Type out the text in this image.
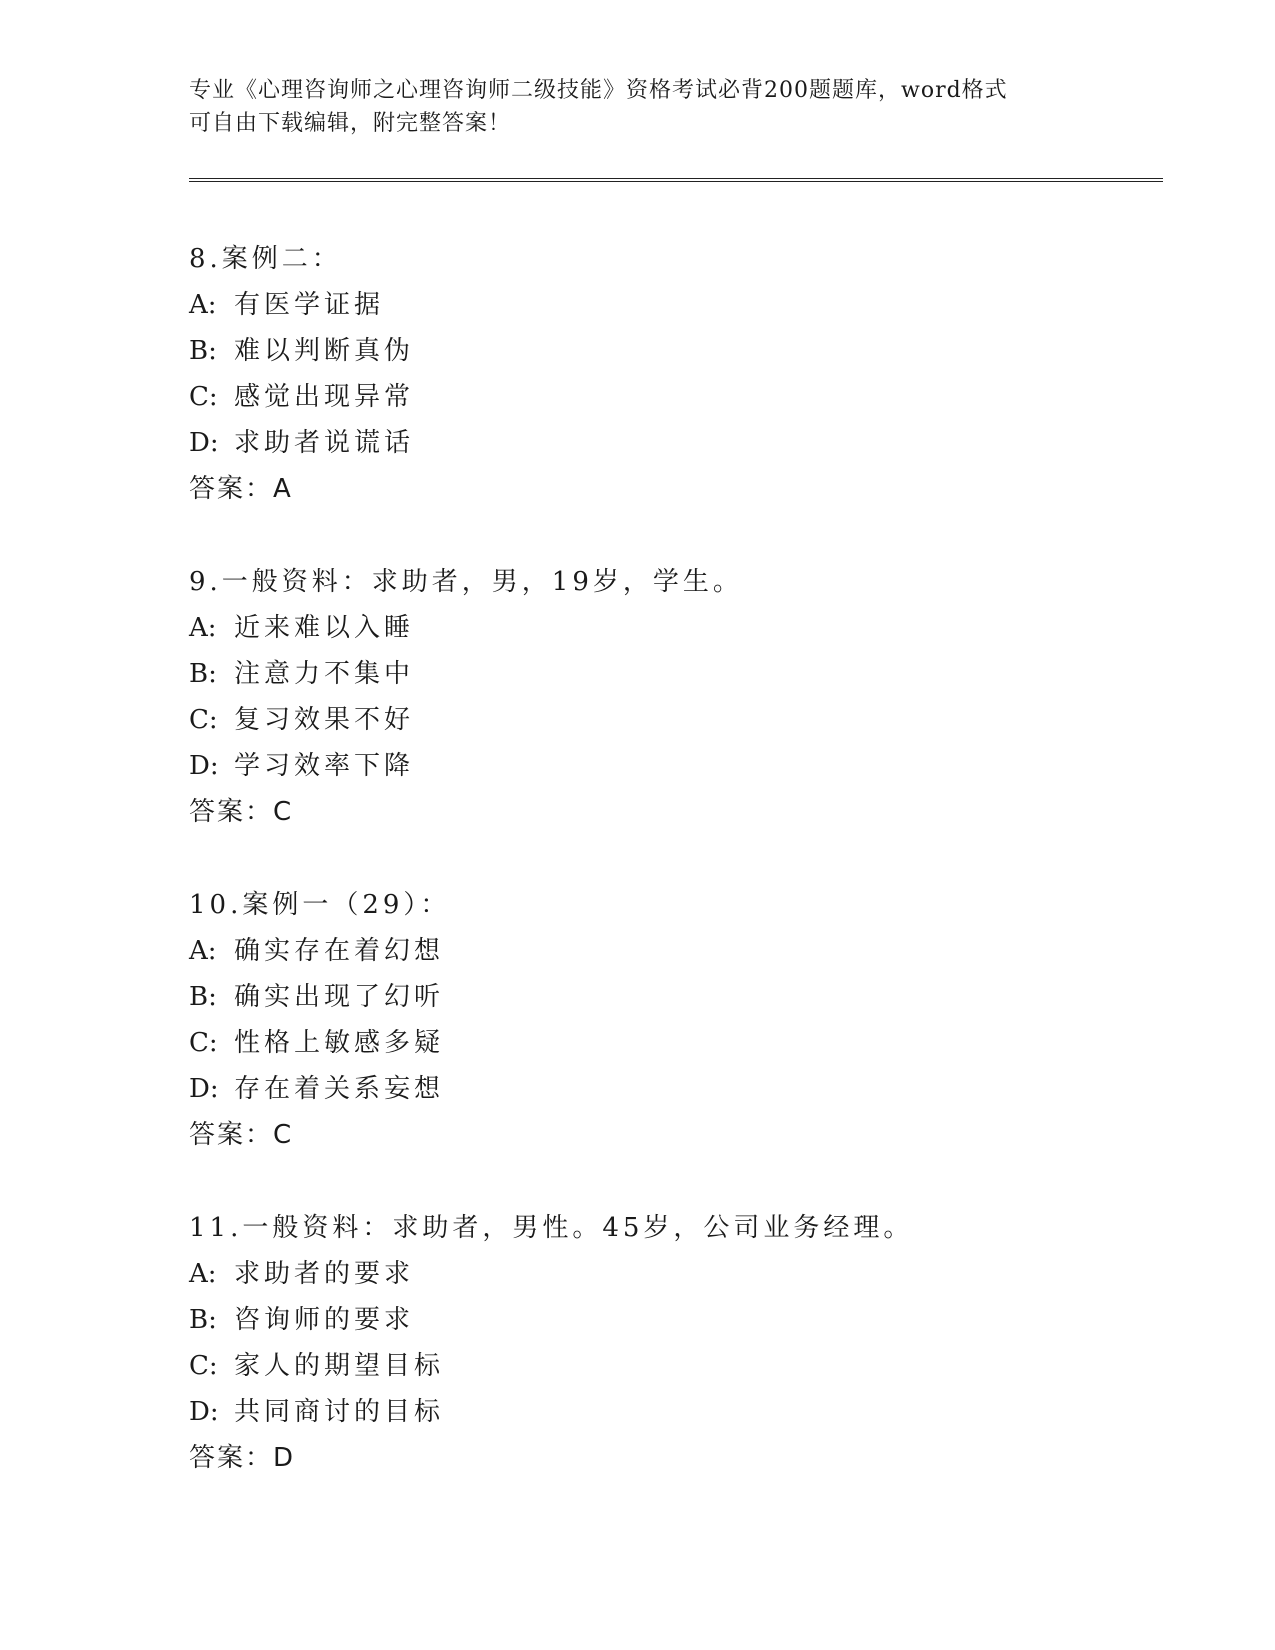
专业《心理咨询师之心理咨询师二级技能》资格考试必背200题题库，word格式
可自由下载编辑，附完整答案！
8.案例二：
A: 有医学证据
B: 难以判断真伪
C: 感觉出现异常
D: 求助者说谎话
答案：A
9.一般资料：求助者，男，19岁，学生。
A: 近来难以入睡
B: 注意力不集中
C: 复习效果不好
D: 学习效率下降
答案：C
10.案例一（29）：
A: 确实存在着幻想
B: 确实出现了幻听
C: 性格上敏感多疑
D: 存在着关系妄想
答案：C
11.一般资料：求助者，男性。45岁，公司业务经理。
A: 求助者的要求
B: 咨询师的要求
C: 家人的期望目标
D: 共同商讨的目标
答案：D
